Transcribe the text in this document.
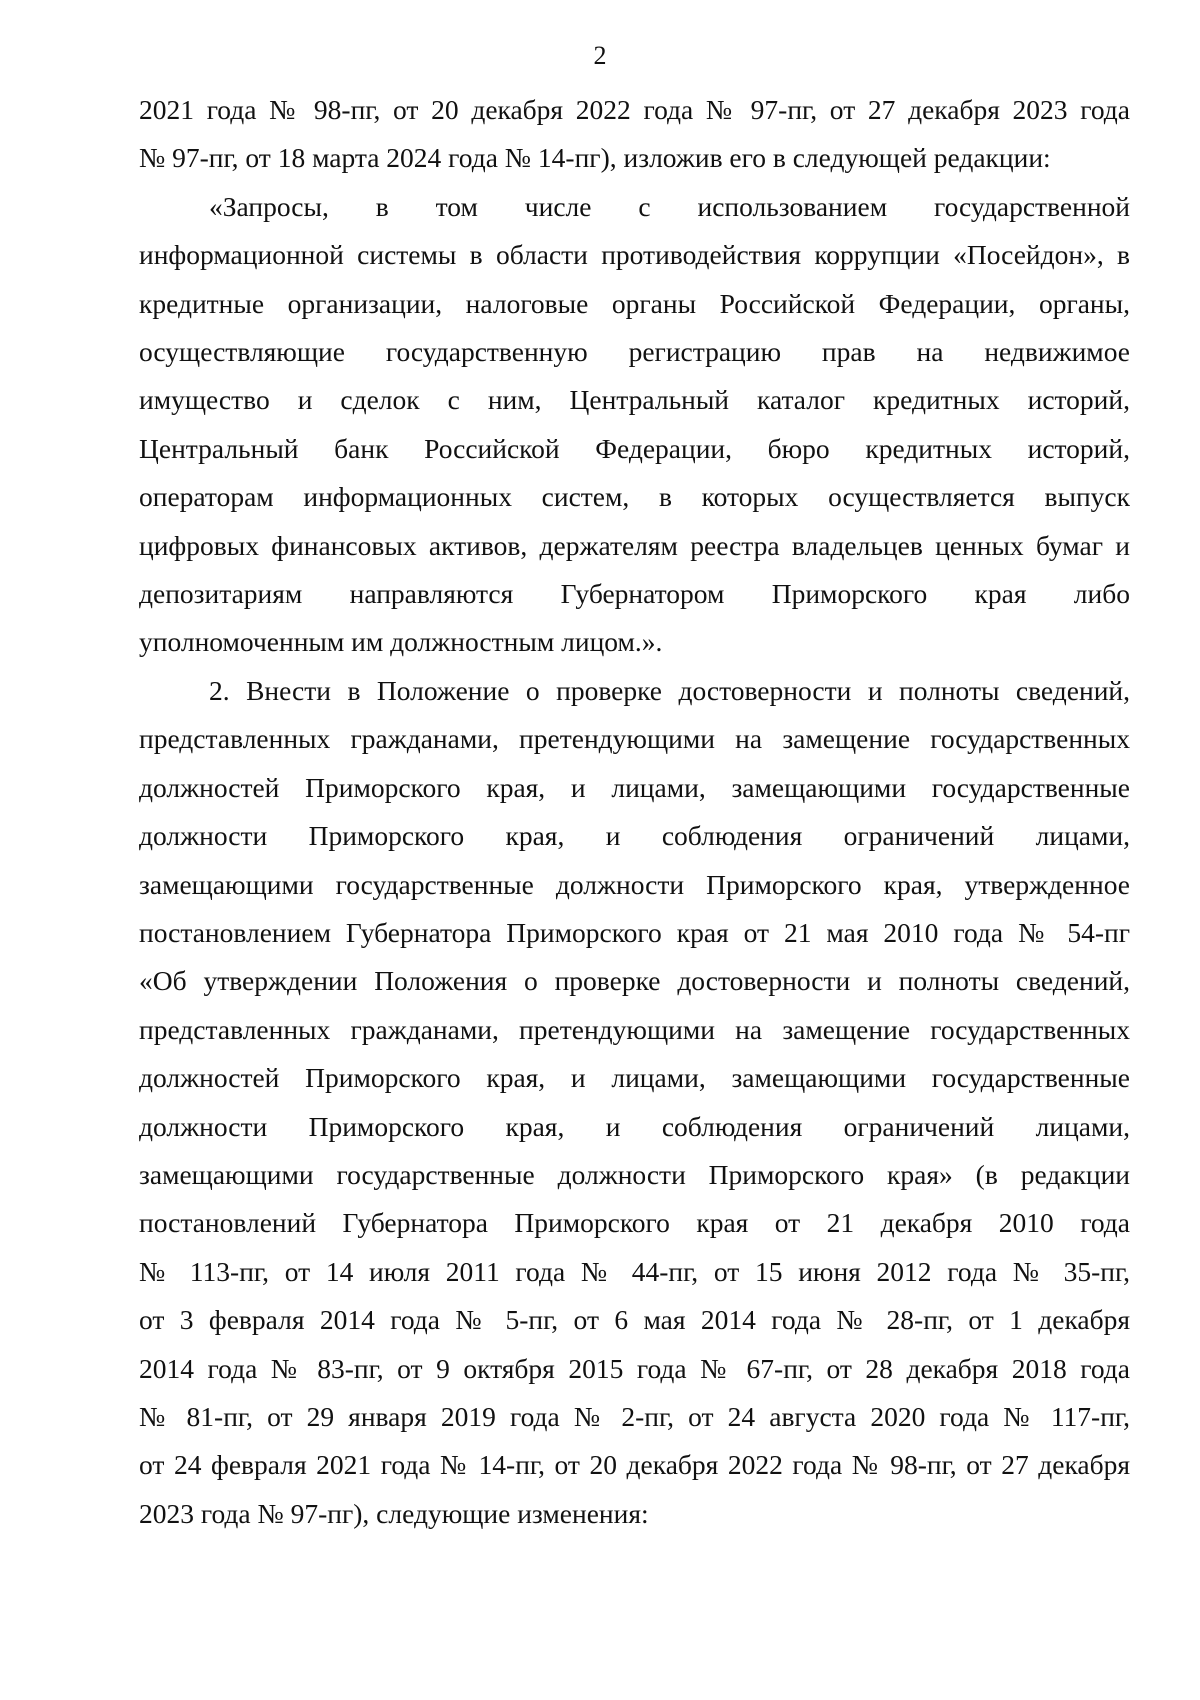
2

2021 года № 98-пг, от 20 декабря 2022 года № 97-пг, от 27 декабря 2023 года
№ 97-пг, от 18 марта 2024 года № 14-пг), изложив его в следующей редакции:

«Запросы, в том числе с использованием государственной
информационной системы в области противодействия коррупции «Посейдон», в
кредитные организации, налоговые органы Российской Федерации, органы,
осуществляющие государственную регистрацию прав на недвижимое
имущество и сделок с ним, Центральный каталог кредитных историй,
Центральный банк Российской Федерации, бюро кредитных историй,
операторам информационных систем, в которых осуществляется выпуск
цифровых финансовых активов, держателям реестра владельцев ценных бумаг и
депозитариям направляются Губернатором Приморского края либо
уполномоченным им должностным лицом.».

2. Внести в Положение о проверке достоверности и полноты сведений,
представленных гражданами, претендующими на замещение государственных
должностей Приморского края, и лицами, замещающими государственные
должности Приморского края, и соблюдения ограничений лицами,
замещающими государственные должности Приморского края, утвержденное
постановлением Губернатора Приморского края от 21 мая 2010 года № 54-пг
«Об утверждении Положения о проверке достоверности и полноты сведений,
представленных гражданами, претендующими на замещение государственных
должностей Приморского края, и лицами, замещающими государственные
должности Приморского края, и соблюдения ограничений лицами,
замещающими государственные должности Приморского края» (в редакции
постановлений Губернатора Приморского края от 21 декабря 2010 года
№ 113-пг, от 14 июля 2011 года № 44-пг, от 15 июня 2012 года № 35-пг,
от 3 февраля 2014 года № 5-пг, от 6 мая 2014 года № 28-пг, от 1 декабря
2014 года № 83-пг, от 9 октября 2015 года № 67-пг, от 28 декабря 2018 года
№ 81-пг, от 29 января 2019 года № 2-пг, от 24 августа 2020 года № 117-пг,
от 24 февраля 2021 года № 14-пг, от 20 декабря 2022 года № 98-пг, от 27 декабря
2023 года № 97-пг), следующие изменения:
